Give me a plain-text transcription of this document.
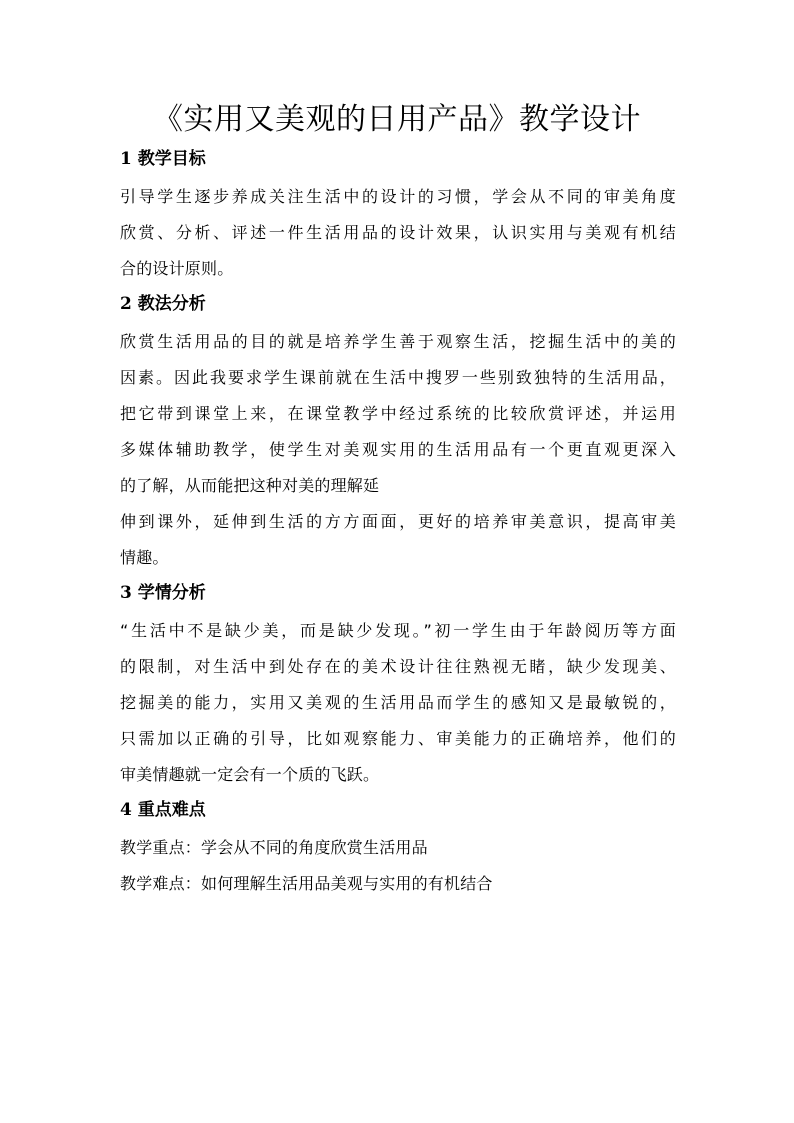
《实用又美观的日用产品》教学设计

1 教学目标

引导学生逐步养成关注生活中的设计的习惯，学会从不同的审美角度

欣赏、分析、评述一件生活用品的设计效果，认识实用与美观有机结

合的设计原则。

2 教法分析

欣赏生活用品的目的就是培养学生善于观察生活，挖掘生活中的美的

因素。因此我要求学生课前就在生活中搜罗一些别致独特的生活用品，

把它带到课堂上来，在课堂教学中经过系统的比较欣赏评述，并运用

多媒体辅助教学，使学生对美观实用的生活用品有一个更直观更深入

的了解，从而能把这种对美的理解延

伸到课外，延伸到生活的方方面面，更好的培养审美意识，提高审美

情趣。

3 学情分析

“生活中不是缺少美，而是缺少发现。”初一学生由于年龄阅历等方面

的限制，对生活中到处存在的美术设计往往熟视无睹，缺少发现美、

挖掘美的能力，实用又美观的生活用品而学生的感知又是最敏锐的，

只需加以正确的引导，比如观察能力、审美能力的正确培养，他们的

审美情趣就一定会有一个质的飞跃。

4 重点难点

教学重点：学会从不同的角度欣赏生活用品

教学难点：如何理解生活用品美观与实用的有机结合
